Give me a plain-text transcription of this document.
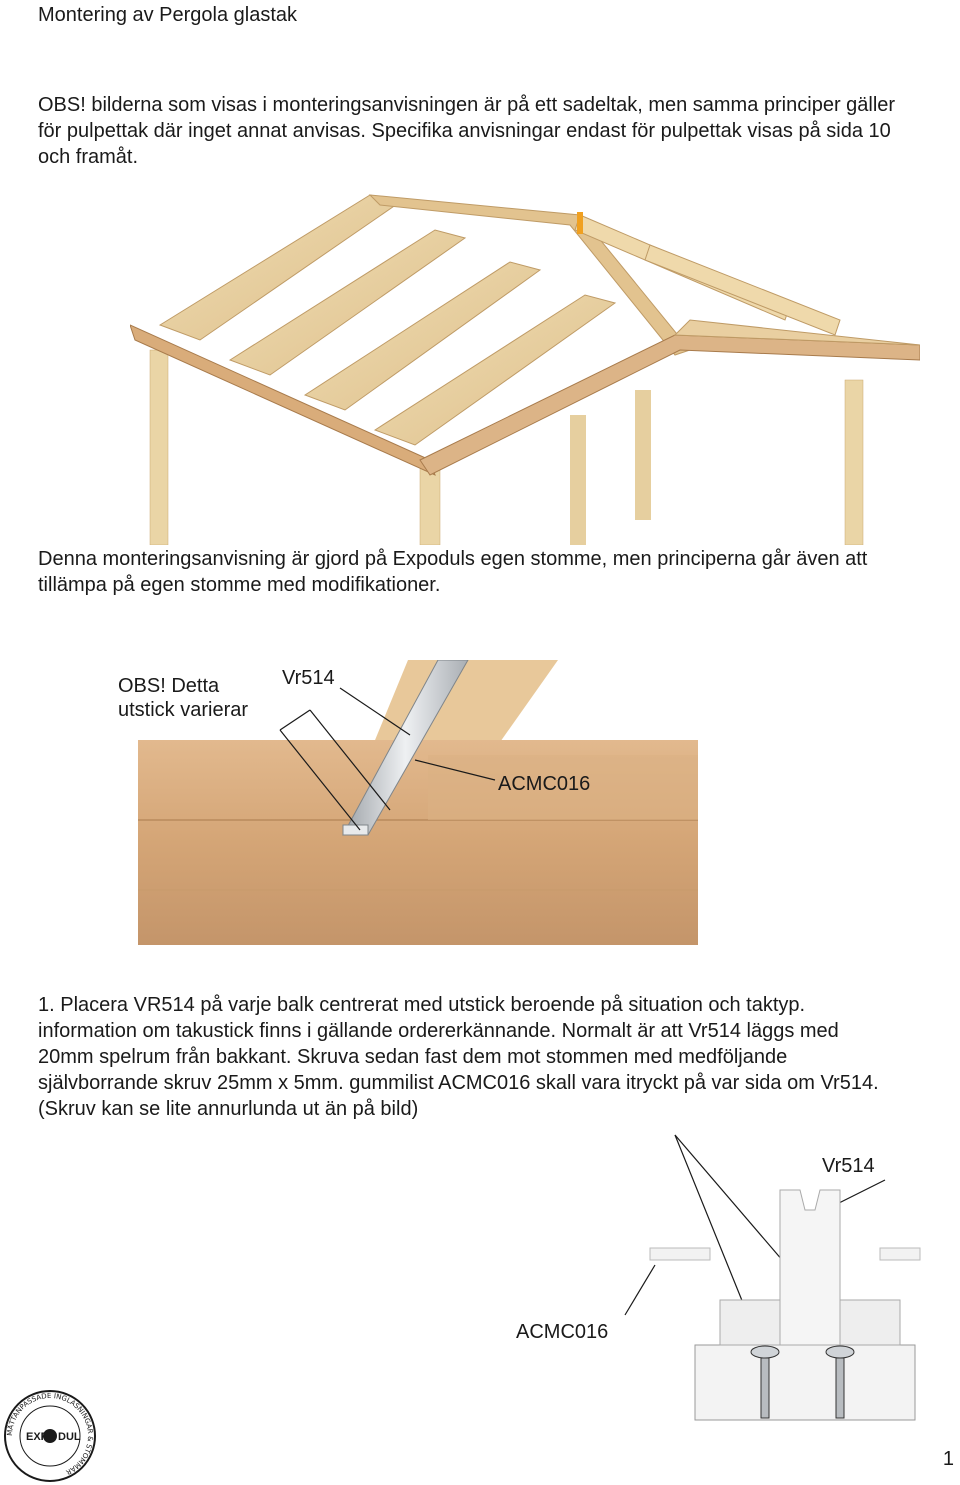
Montering av Pergola glastak
OBS! bilderna som visas i monteringsanvisningen är på ett sadeltak, men samma principer gäller för pulpettak där inget annat anvisas. Specifika anvisningar endast för pulpettak visas på sida 10 och framåt.
Denna monteringsanvisning är gjord på Expoduls egen stomme, men principerna går även att tillämpa på egen stomme med modifikationer.
OBS! Detta
utstick varierar
Vr514
ACMC016
1. Placera VR514 på varje balk centrerat med utstick beroende på situation och taktyp. information om takustick finns i gällande ordererkännande. Normalt är att Vr514 läggs med 20mm spelrum från bakkant. Skruva sedan fast dem mot stommen med medföljande självborrande skruv 25mm x 5mm. gummilist ACMC016 skall vara itryckt på var sida om Vr514. (Skruv kan se lite annurlunda ut än på bild)
Vr514
ACMC016
MÅTTANPASSADE INGLASNINGAR & STOMMAR
EXP DUL
1
